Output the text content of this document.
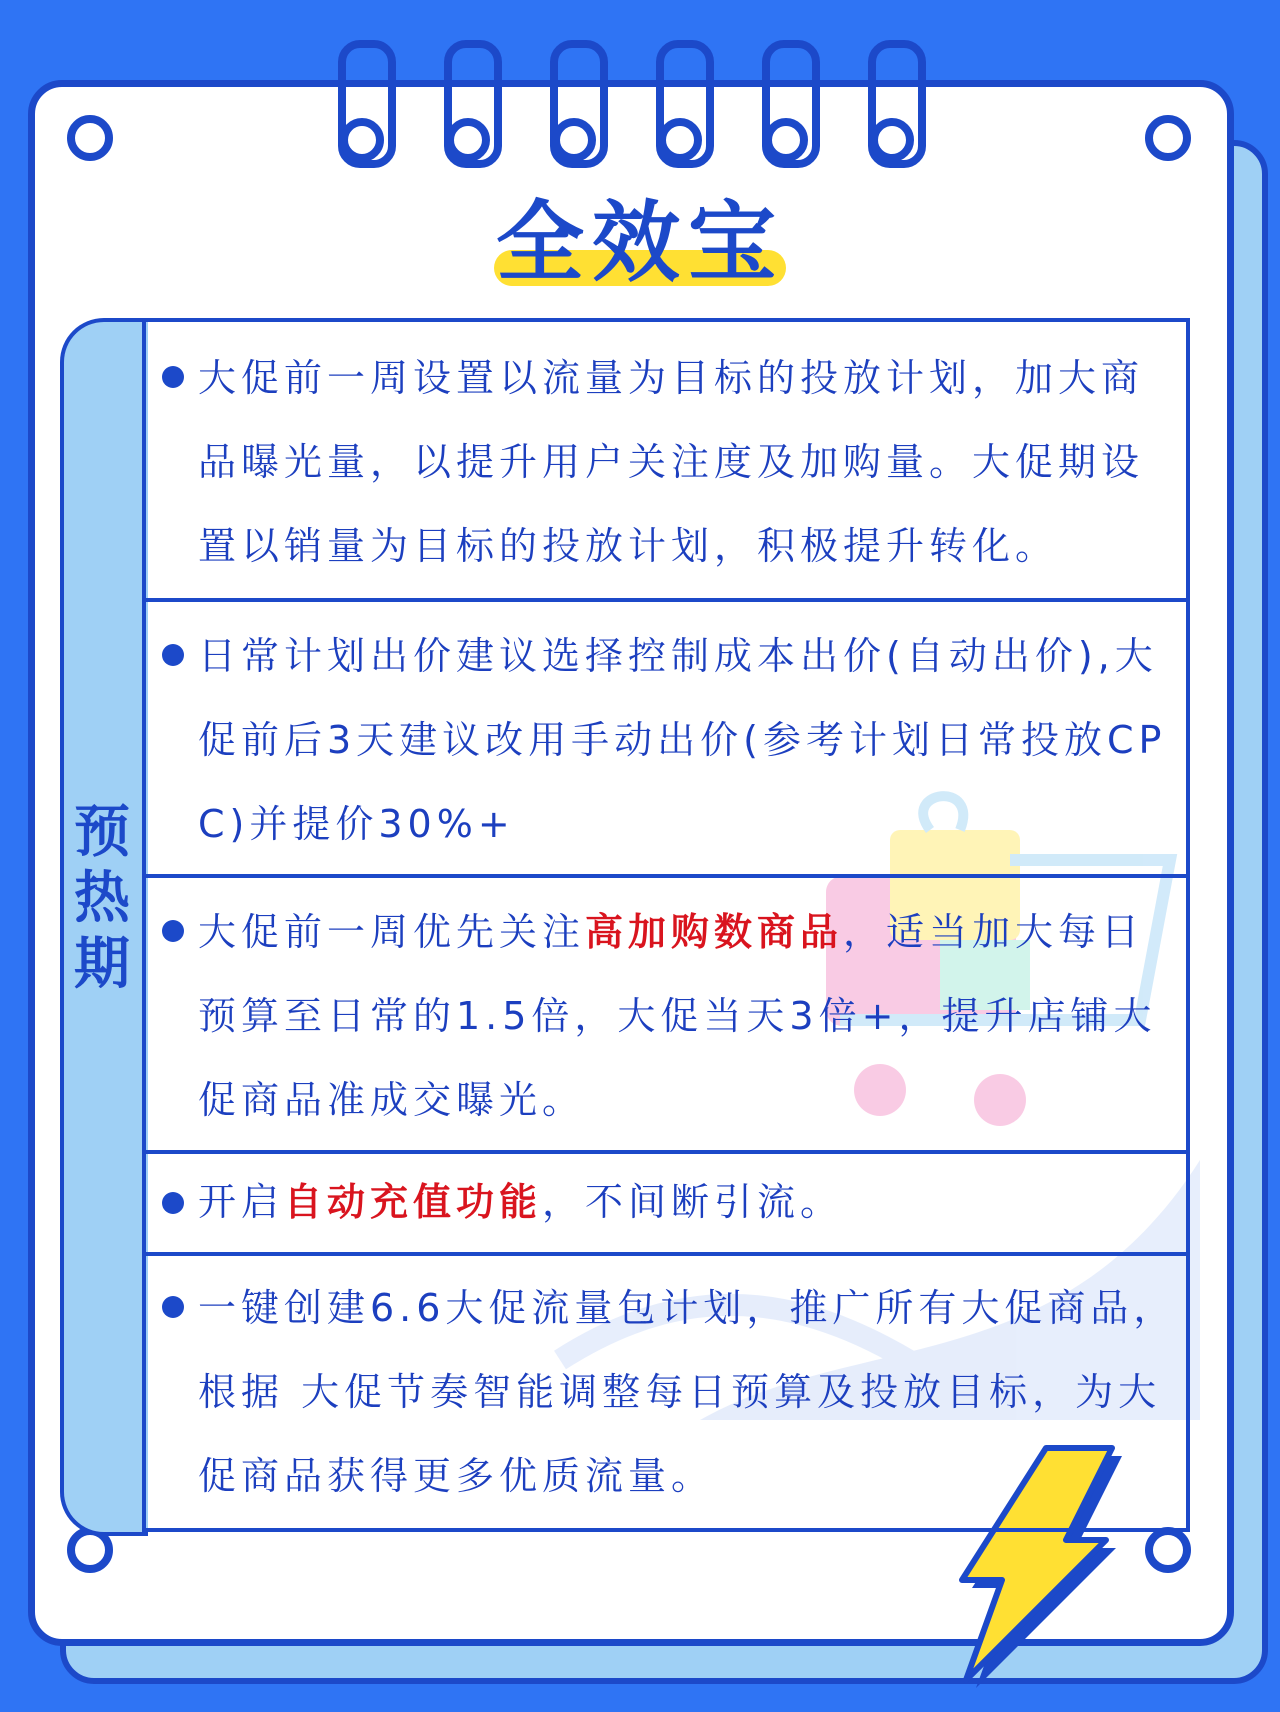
全效宝
预热期
大促前一周设置以流量为目标的投放计划，加大商品曝光量，以提升用户关注度及加购量。大促期设置以销量为目标的投放计划，积极提升转化。
日常计划出价建议选择控制成本出价(自动出价),大促前后3天建议改用手动出价(参考计划日常投放CPC)并提价30%+
大促前一周优先关注高加购数商品，适当加大每日预算至日常的1.5倍，大促当天3倍+，提升店铺大促商品准成交曝光。
开启自动充值功能，不间断引流。
一键创建6.6大促流量包计划，推广所有大促商品，根据 大促节奏智能调整每日预算及投放目标，为大促商品获得更多优质流量。
